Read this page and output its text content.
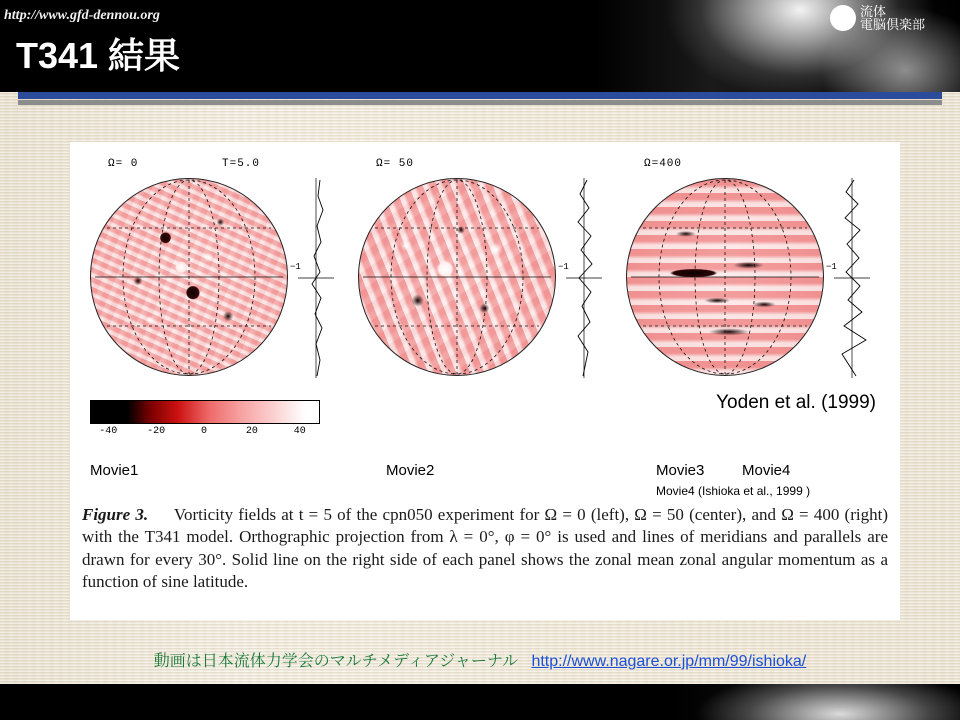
T341 結果
Ω= 0	T=5.0
−1
Ω= 50
−1
Ω=400
−1
-40	-20	0	20	40
Yoden et al. (1999)
Movie1	Movie2	Movie3	Movie4
Movie4 (Ishioka et al., 1999 )
Figure 3. Vorticity fields at t = 5 of the cpn050 experiment for Ω = 0 (left), Ω = 50 (center), and Ω = 400 (right) with the T341 model. Orthographic projection from λ = 0°, φ = 0° is used and lines of meridians and parallels are drawn for every 30°. Solid line on the right side of each panel shows the zonal mean zonal angular momentum as a function of sine latitude.
動画は日本流体力学会のマルチメディアジャーナル http://www.nagare.or.jp/mm/99/ishioka/
http://www.gfd-dennou.org	流体
電脳倶楽部
